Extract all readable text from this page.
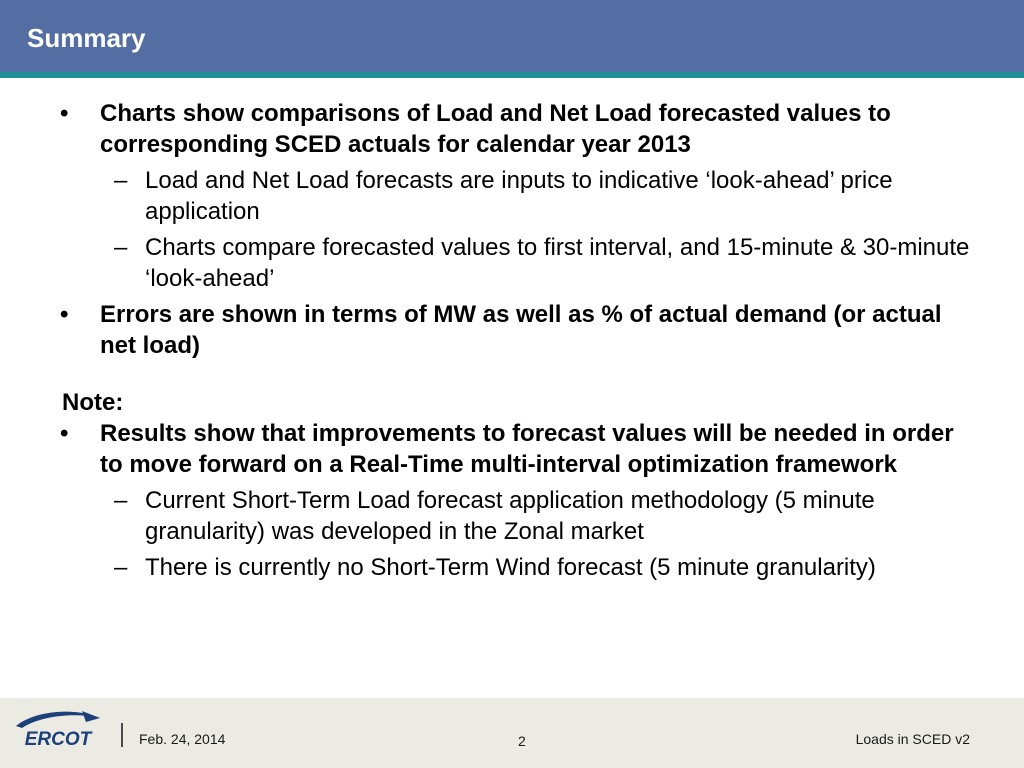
Summary
• Charts show comparisons of Load and Net Load forecasted values to corresponding SCED actuals for calendar year 2013
– Load and Net Load forecasts are inputs to indicative ‘look-ahead’ price application
– Charts compare forecasted values to first interval, and 15-minute & 30-minute ‘look-ahead’
• Errors are shown in terms of MW as well as % of actual demand (or actual net load)
Note:
• Results show that improvements to forecast values will be needed in order to move forward on a Real-Time multi-interval optimization framework
– Current Short-Term Load forecast application methodology (5 minute granularity) was developed in the Zonal market
– There is currently no Short-Term Wind forecast (5 minute granularity)
ERCOT	Feb. 24, 2014	2	Loads in SCED v2
